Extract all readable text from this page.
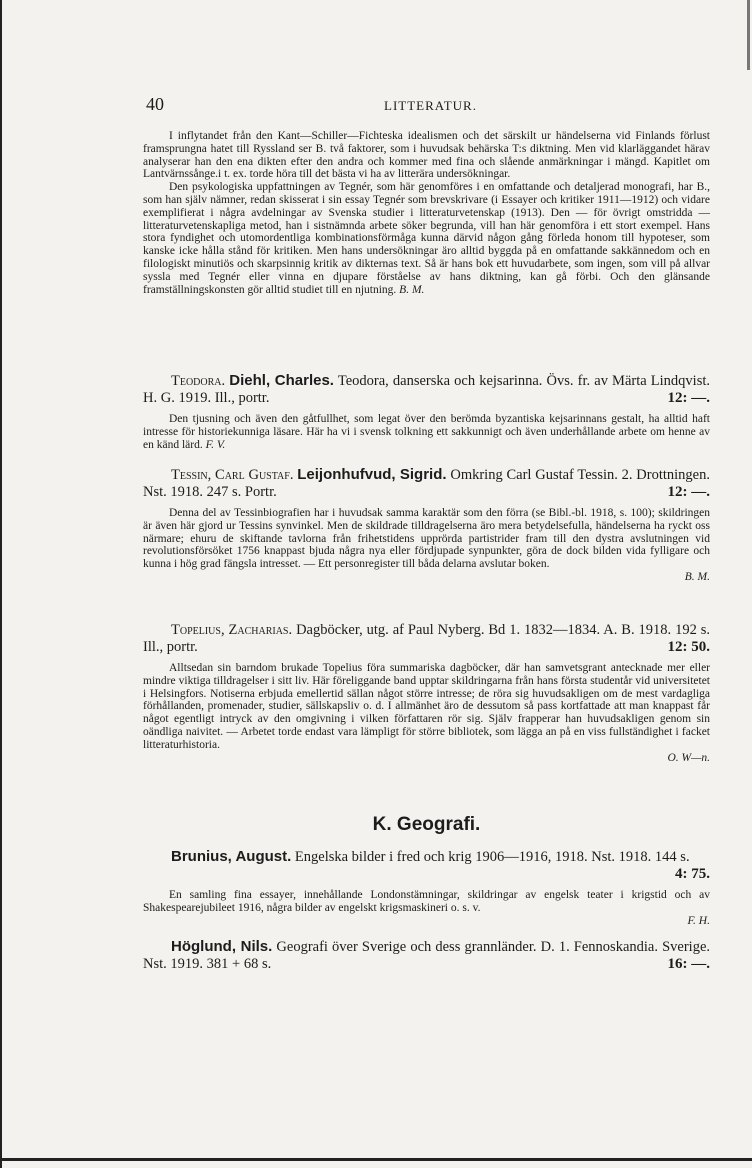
40	LITTERATUR.

I inflytandet från den Kant—Schiller—Fichteska idealismen och det särskilt ur händelserna vid Finlands förlust framsprungna hatet till Ryssland ser B. två faktorer, som i huvudsak behärska T:s diktning. Men vid klarläggandet härav analyserar han den ena dikten efter den andra och kommer med fina och slående anmärkningar i mängd. Kapitlet om Lantvärnssånge.i t. ex. torde höra till det bästa vi ha av litterära undersökningar.

Den psykologiska uppfattningen av Tegnér, som här genomföres i en omfattande och detaljerad monografi, har B., som han själv nämner, redan skisserat i sin essay Tegnér som brevskrivare (i Essayer och kritiker 1911—1912) och vidare exemplifierat i några avdelningar av Svenska studier i litteraturvetenskap (1913). Den — för övrigt omstridda — litteraturvetenskapliga metod, han i sistnämnda arbete söker begrunda, vill han här genomföra i ett stort exempel. Hans stora fyndighet och utomordentliga kombinationsförmåga kunna därvid någon gång förleda honom till hypoteser, som kanske icke hålla stånd för kritiken. Men hans undersökningar äro alltid byggda på en omfattande sakkännedom och en filologiskt minutiös och skarpsinnig kritik av dikternas text. Så är hans bok ett huvudarbete, som ingen, som vill på allvar syssla med Tegnér eller vinna en djupare förståelse av hans diktning, kan gå förbi. Och den glänsande framställningskonsten gör alltid studiet till en njutning. B. M.

Teodora. Diehl, Charles. Teodora, danserska och kejsarinna. Övs. fr. av Märta Lindqvist. H. G. 1919. Ill., portr.	12: —.

Den tjusning och även den gåtfullhet, som legat över den berömda byzantiska kejsarinnans gestalt, ha alltid haft intresse för historiekunniga läsare. Här ha vi i svensk tolkning ett sakkunnigt och även underhållande arbete om henne av en känd lärd. F. V.

Tessin, Carl Gustaf. Leijonhufvud, Sigrid. Omkring Carl Gustaf Tessin. 2. Drottningen. Nst. 1918. 247 s. Portr.	12: —.

Denna del av Tessinbiografien har i huvudsak samma karaktär som den förra (se Bibl.-bl. 1918, s. 100); skildringen är även här gjord ur Tessins synvinkel. Men de skildrade tilldragelserna äro mera betydelsefulla, händelserna ha ryckt oss närmare; ehuru de skiftande tavlorna från frihetstidens upprörda partistrider fram till den dystra avslutningen vid revolutionsförsöket 1756 knappast bjuda några nya eller fördjupade synpunkter, göra de dock bilden vida fylligare och kunna i hög grad fängsla intresset. — Ett personregister till båda delarna avslutar boken.

B. M.

Topelius, Zacharias. Dagböcker, utg. af Paul Nyberg. Bd 1. 1832—1834. A. B. 1918. 192 s. Ill., portr.	12: 50.

Alltsedan sin barndom brukade Topelius föra summariska dagböcker, där han samvetsgrant antecknade mer eller mindre viktiga tilldragelser i sitt liv. Här föreliggande band upptar skildringarna från hans första studentår vid universitetet i Helsingfors. Notiserna erbjuda emellertid sällan något större intresse; de röra sig huvudsakligen om de mest vardagliga förhållanden, promenader, studier, sällskapsliv o. d. I allmänhet äro de dessutom så pass kortfattade att man knappast får något egentligt intryck av den omgivning i vilken författaren rör sig. Själv frapperar han huvudsakligen genom sin oändliga naivitet. — Arbetet torde endast vara lämpligt för större bibliotek, som lägga an på en viss fullständighet i facket litteraturhistoria.

O. W—n.

K. Geografi.

Brunius, August. Engelska bilder i fred och krig 1906—1916, 1918. Nst. 1918. 144 s.
4: 75.

En samling fina essayer, innehållande Londonstämningar, skildringar av engelsk teater i krigstid och av Shakespearejubileet 1916, några bilder av engelskt krigsmaskineri o. s. v.

F. H.

Höglund, Nils. Geografi över Sverige och dess grannländer. D. 1. Fennoskandia. Sverige. Nst. 1919. 381 + 68 s.	16: —.
